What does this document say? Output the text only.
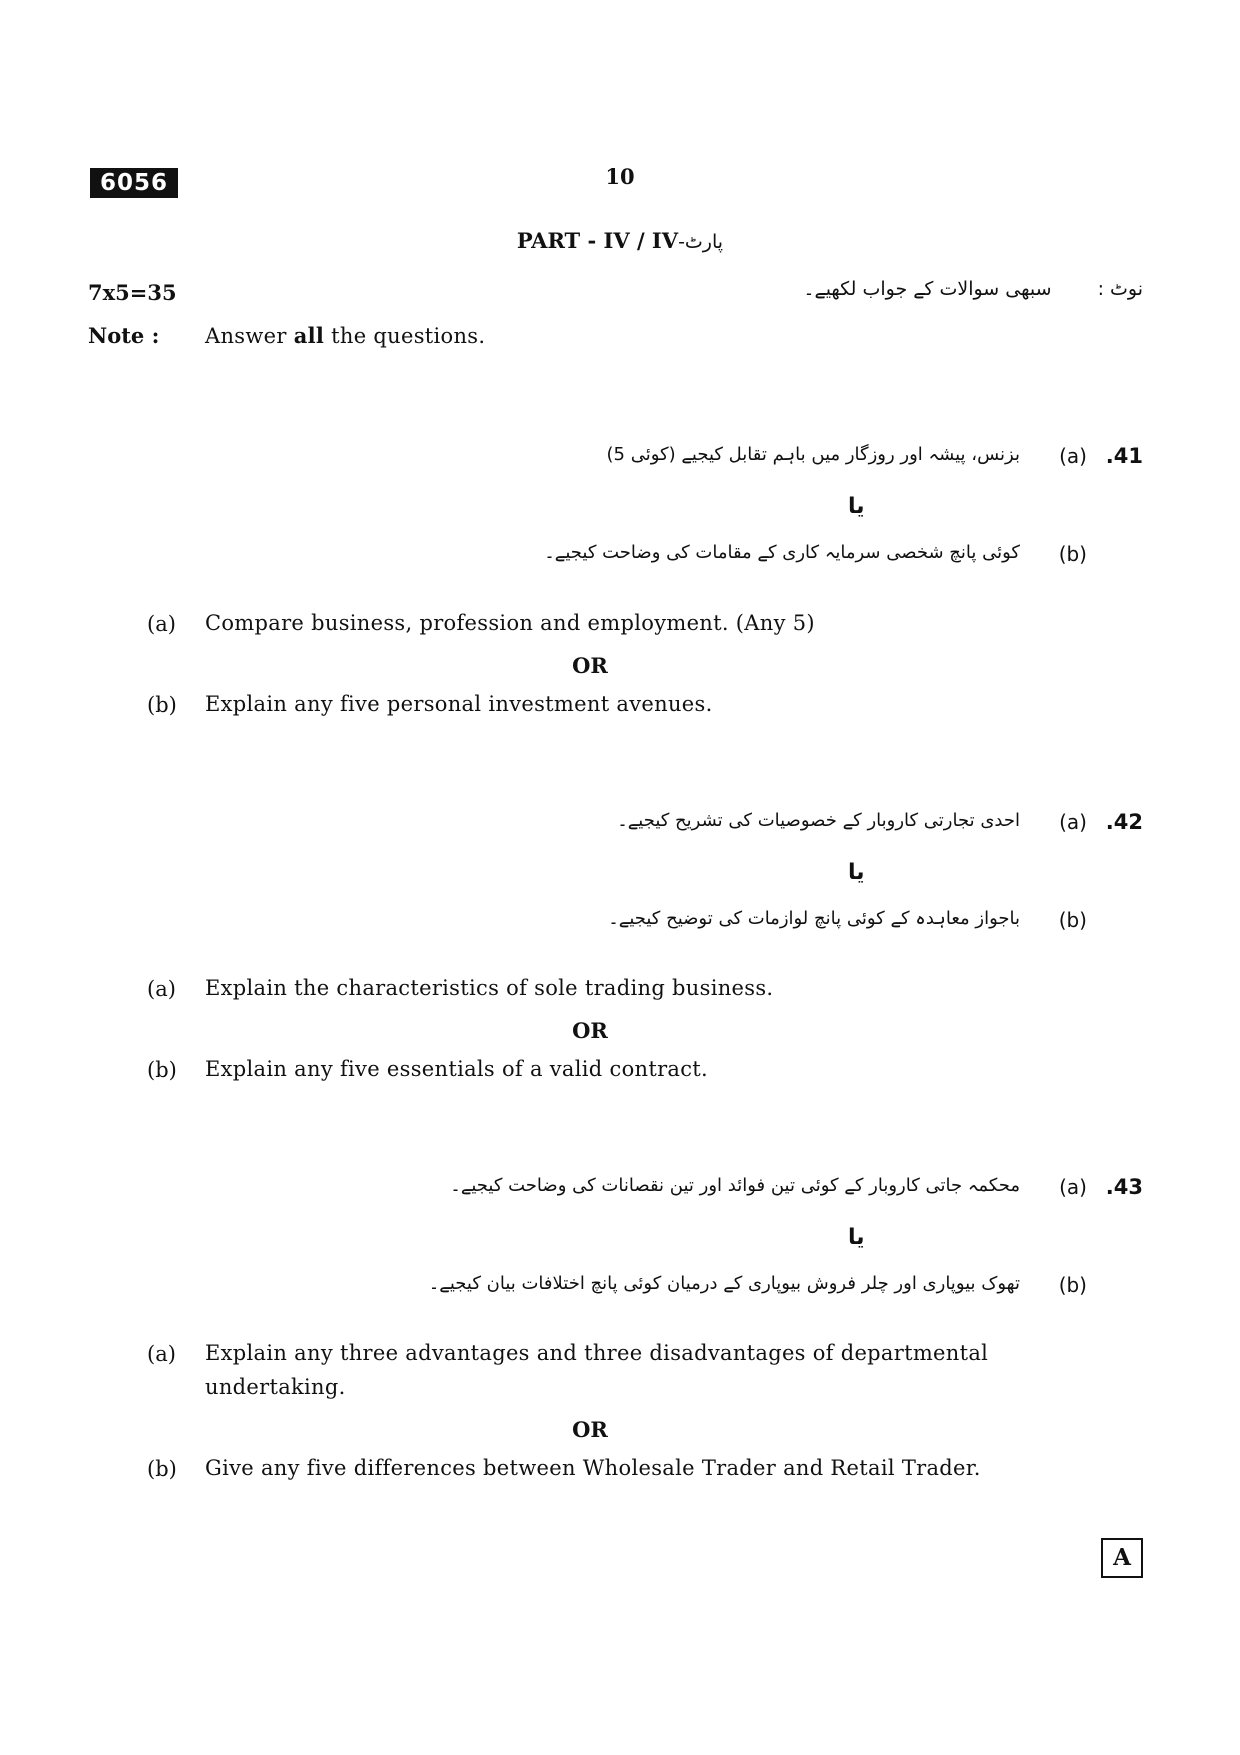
6056	10
PART - IV / IV-پارٹ
7x5=35	نوٹ : سبھی سوالات کے جواب لکھیے۔
Note : Answer all the questions.
.41
(a)
بزنس، پیشہ اور روزگار میں باہم تقابل کیجیے (کوئی 5)
یا
(b)
کوئی پانچ شخصی سرمایہ کاری کے مقامات کی وضاحت کیجیے۔
(a) Compare business, profession and employment. (Any 5)
OR
(b) Explain any five personal investment avenues.
.42
(a)
احدی تجارتی کاروبار کے خصوصیات کی تشریح کیجیے۔
یا
(b)
باجواز معاہدہ کے کوئی پانچ لوازمات کی توضیح کیجیے۔
(a) Explain the characteristics of sole trading business.
OR
(b) Explain any five essentials of a valid contract.
.43
(a)
محکمہ جاتی کاروبار کے کوئی تین فوائد اور تین نقصانات کی وضاحت کیجیے۔
یا
(b)
تھوک بیوپاری اور چلر فروش بیوپاری کے درمیان کوئی پانچ اختلافات بیان کیجیے۔
(a) Explain any three advantages and three disadvantages of departmental undertaking.
OR
(b) Give any five differences between Wholesale Trader and Retail Trader.
A
